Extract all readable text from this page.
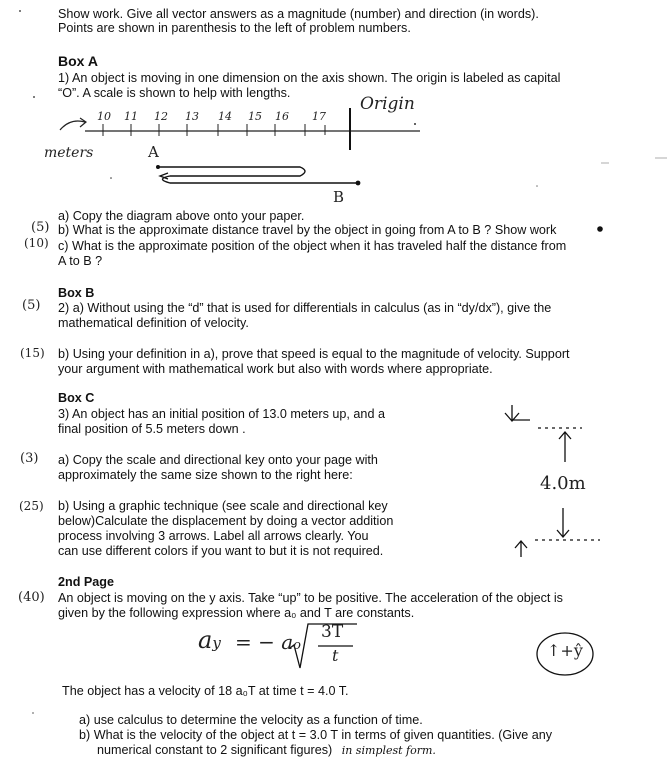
Show work. Give all vector answers as a magnitude (number) and direction (in words).
Points are shown in parenthesis to the left of problem numbers.
Box A
1) An object is moving in one dimension on the axis shown. The origin is labeled as capital
“O”. A scale is shown to help with lengths.
10 11 12 13 14 15 16 17
Origin
meters	A
B
a) Copy the diagram above onto your paper.
(5) b) What is the approximate distance travel by the object in going from A to B ? Show work
(10) c) What is the approximate position of the object when it has traveled half the distance from
A to B ?
Box B
(5) 2) a) Without using the “d” that is used for differentials in calculus (as in “dy/dx”), give the
mathematical definition of velocity.
(15) b) Using your definition in a), prove that speed is equal to the magnitude of velocity. Support
your argument with mathematical work but also with words where appropriate.
Box C
3) An object has an initial position of 13.0 meters up, and a
final position of 5.5 meters down .
(3) a) Copy the scale and directional key onto your page with
approximately the same size shown to the right here:
(25) b) Using a graphic technique (see scale and directional key
below)Calculate the displacement by doing a vector addition
process involving 3 arrows. Label all arrows clearly. You
can use different colors if you want to but it is not required.
4.0m
2nd Page
(40) An object is moving on the y axis. Take “up” to be positive. The acceleration of the object is
given by the following expression where a₀ and T are constants.
ay = − ao
3T
t	↑+ŷ
The object has a velocity of 18 a₀T at time t = 4.0 T.
a) use calculus to determine the velocity as a function of time.
b) What is the velocity of the object at t = 3.0 T in terms of given quantities. (Give any
numerical constant to 2 significant figures) in simplest form.
